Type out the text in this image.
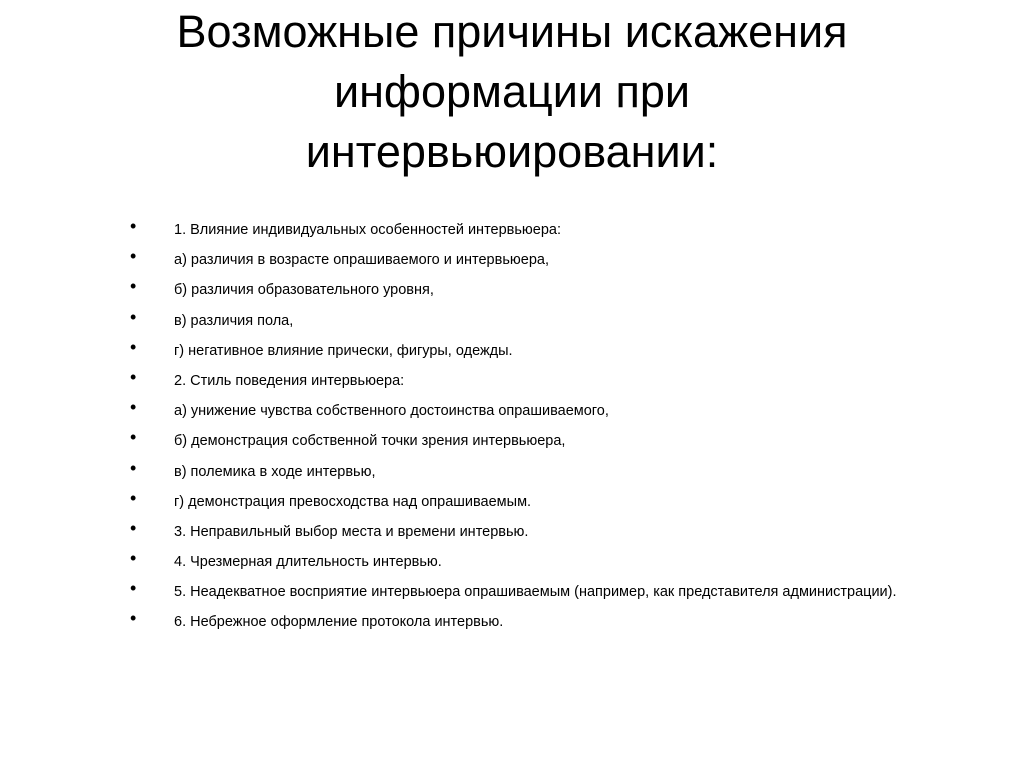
Возможные причины искажения
информации при
интервьюировании:
•	1. Влияние индивидуальных особенностей интервьюера:
•	а) различия в возрасте опрашиваемого и интервьюера,
•	б) различия образовательного уровня,
•	в) различия пола,
•	г) негативное влияние прически, фигуры, одежды.
•	2. Стиль поведения интервьюера:
•	а) унижение чувства собственного достоинства опрашиваемого,
•	б) демонстрация собственной точки зрения интервьюера,
•	в) полемика в ходе интервью,
•	г) демонстрация превосходства над опрашиваемым.
•	3. Неправильный выбор места и времени интервью.
•	4. Чрезмерная длительность интервью.
•	5. Неадекватное восприятие интервьюера опрашиваемым (например, как представителя администрации).
•	6. Небрежное оформление протокола интервью.
